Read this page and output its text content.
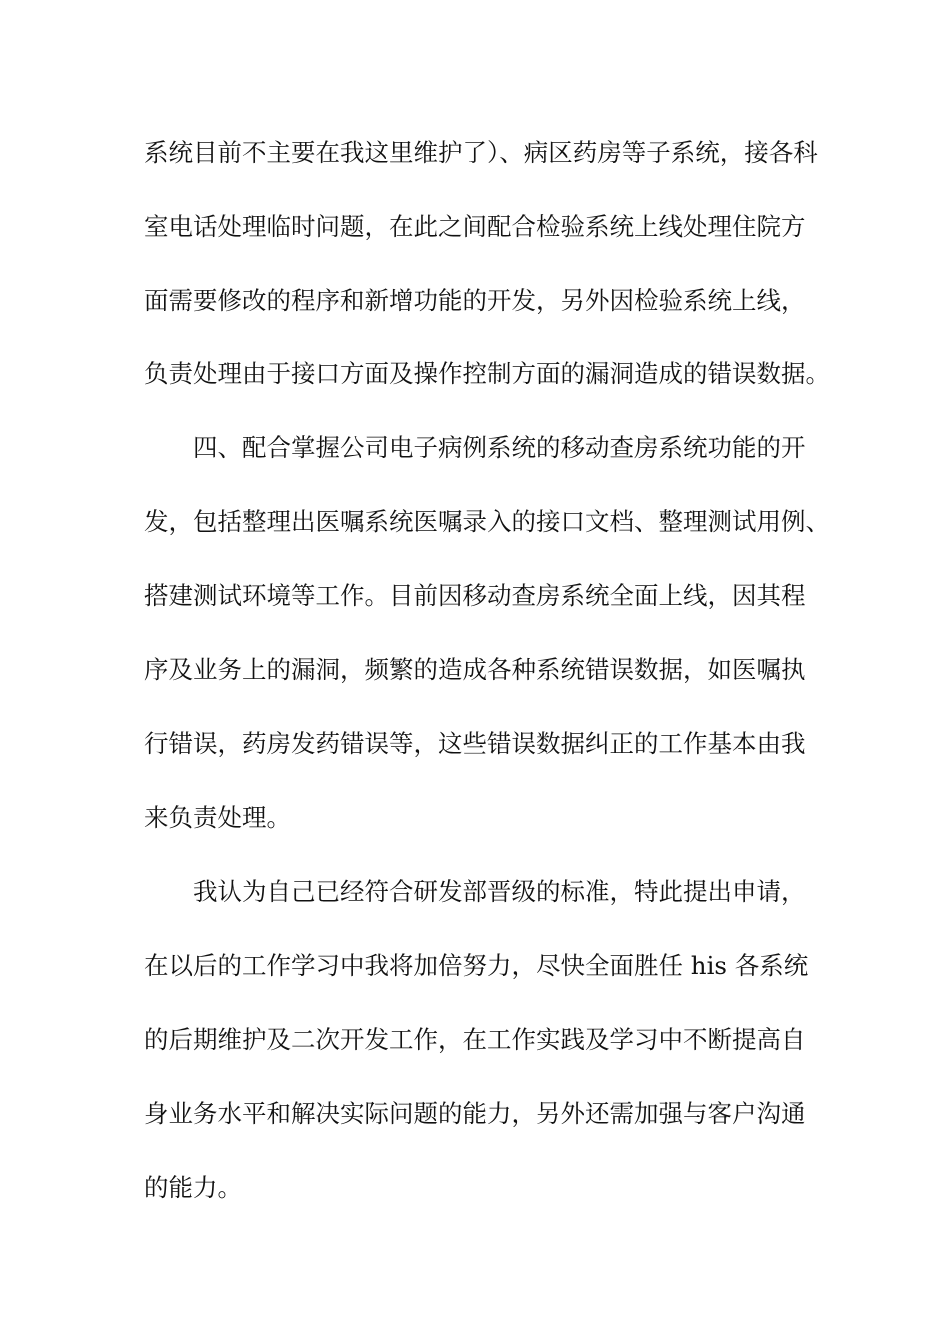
系统目前不主要在我这里维护了）、病区药房等子系统，接各科
室电话处理临时问题，在此之间配合检验系统上线处理住院方
面需要修改的程序和新增功能的开发，另外因检验系统上线，
负责处理由于接口方面及操作控制方面的漏洞造成的错误数据。
四、配合掌握公司电子病例系统的移动查房系统功能的开
发，包括整理出医嘱系统医嘱录入的接口文档、整理测试用例、
搭建测试环境等工作。目前因移动查房系统全面上线，因其程
序及业务上的漏洞，频繁的造成各种系统错误数据，如医嘱执
行错误，药房发药错误等，这些错误数据纠正的工作基本由我
来负责处理。
我认为自己已经符合研发部晋级的标准，特此提出申请，
在以后的工作学习中我将加倍努力，尽快全面胜任 his 各系统
的后期维护及二次开发工作，在工作实践及学习中不断提高自
身业务水平和解决实际问题的能力，另外还需加强与客户沟通
的能力。
